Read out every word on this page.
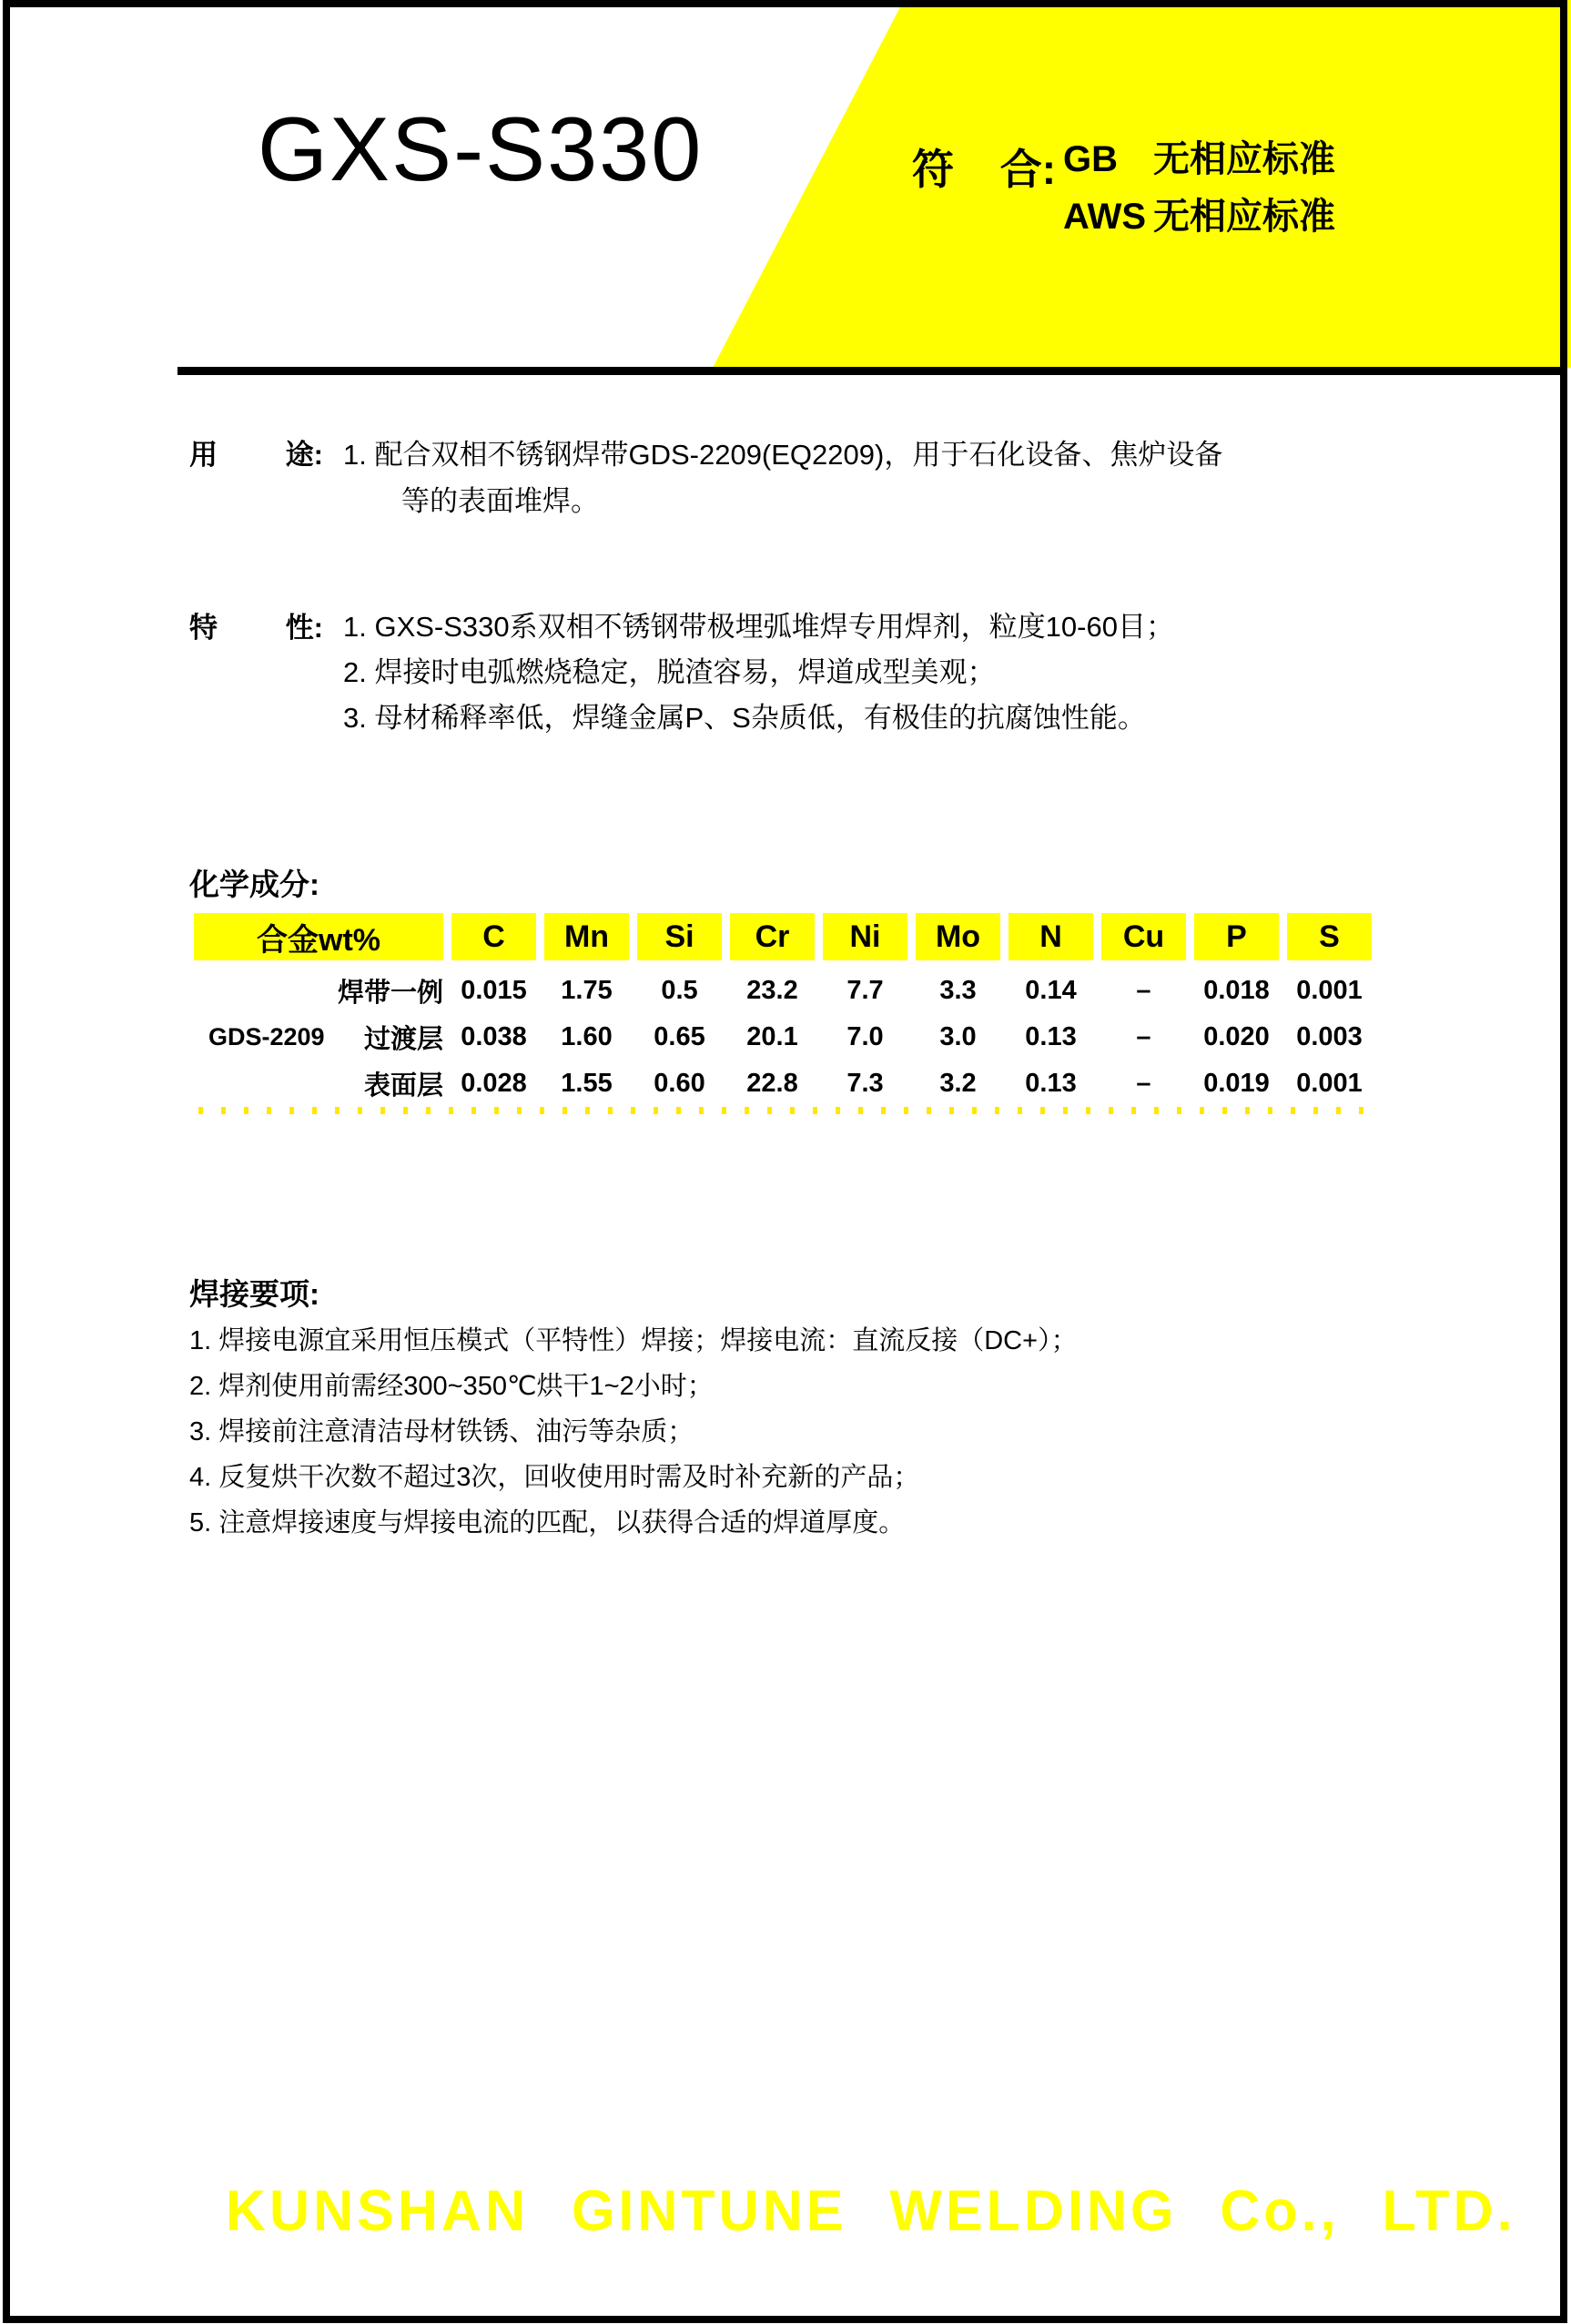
GXS-S330	符 合: GB 无相应标准
AWS 无相应标准
用 途: 1. 配合双相不锈钢焊带GDS-2209(EQ2209)，用于石化设备、焦炉设备
等的表面堆焊。
特 性: 1. GXS-S330系双相不锈钢带极埋弧堆焊专用焊剂，粒度10-60目；
2. 焊接时电弧燃烧稳定，脱渣容易，焊道成型美观；
3. 母材稀释率低，焊缝金属P、S杂质低，有极佳的抗腐蚀性能。
化学成分:
合金wt%	C	Mn	Si	Cr	Ni	Mo	N	Cu	P	S
焊带一例 0.015	1.75	0.5	23.2	7.7	3.3	0.14	–	0.018	0.001
GDS-2209 过渡层 0.038	1.60	0.65	20.1	7.0	3.0	0.13	–	0.020	0.003
表面层 0.028	1.55	0.60	22.8	7.3	3.2	0.13	–	0.019	0.001
焊接要项:
1. 焊接电源宜采用恒压模式（平特性）焊接；焊接电流：直流反接（DC+）；
2. 焊剂使用前需经300~350℃烘干1~2小时；
3. 焊接前注意清洁母材铁锈、油污等杂质；
4. 反复烘干次数不超过3次，回收使用时需及时补充新的产品；
5. 注意焊接速度与焊接电流的匹配，以获得合适的焊道厚度。
KUNSHAN GINTUNE WELDING Co., LTD.
